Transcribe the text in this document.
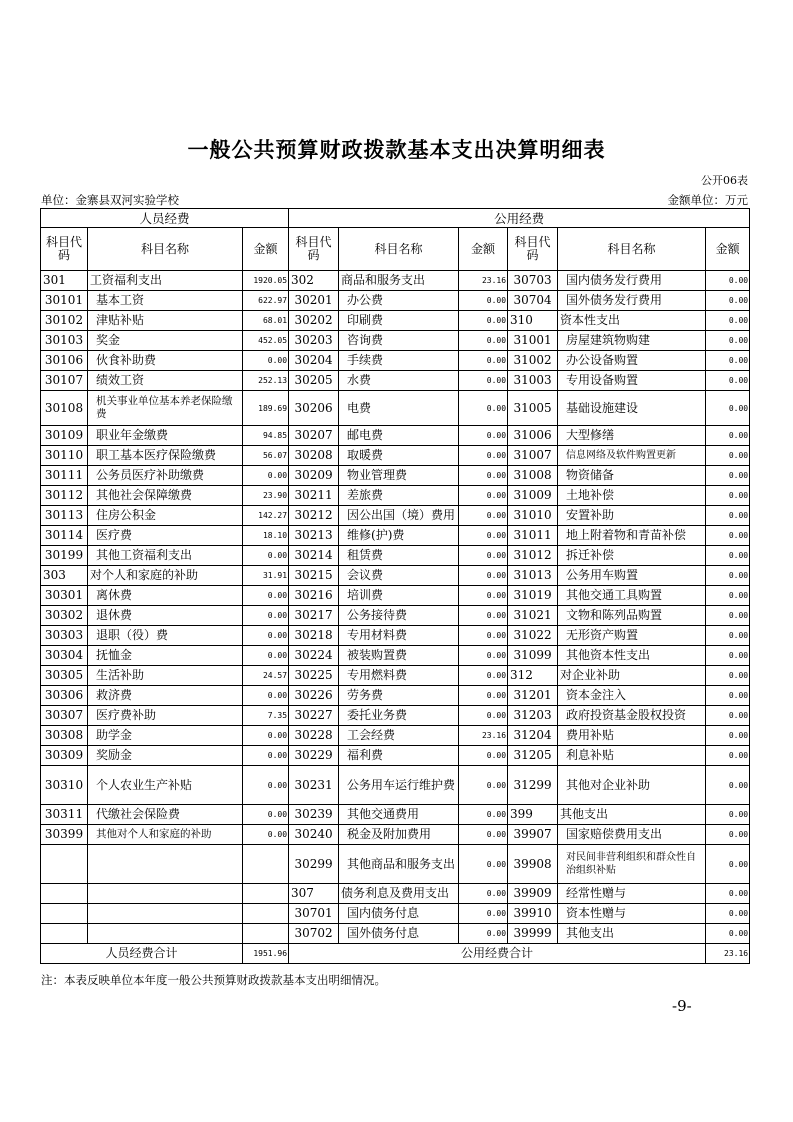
一般公共预算财政拨款基本支出决算明细表
公开06表
单位：金寨县双河实验学校	金额单位：万元
人员经费			公用经费					
科目代码	科目名称	金额	科目代码	科目名称	金额	科目代码	科目名称	金额
301	工资福利支出	1920.05	302	商品和服务支出	23.16	30703	国内债务发行费用	0.00
30101	基本工资	622.97	30201	办公费	0.00	30704	国外债务发行费用	0.00
30102	津贴补贴	68.01	30202	印刷费	0.00	310	资本性支出	0.00
30103	奖金	452.05	30203	咨询费	0.00	31001	房屋建筑物购建	0.00
30106	伙食补助费	0.00	30204	手续费	0.00	31002	办公设备购置	0.00
30107	绩效工资	252.13	30205	水费	0.00	31003	专用设备购置	0.00
30108	机关事业单位基本养老保险缴费	189.69	30206	电费	0.00	31005	基础设施建设	0.00
30109	职业年金缴费	94.85	30207	邮电费	0.00	31006	大型修缮	0.00
30110	职工基本医疗保险缴费	56.07	30208	取暖费	0.00	31007	信息网络及软件购置更新	0.00
30111	公务员医疗补助缴费	0.00	30209	物业管理费	0.00	31008	物资储备	0.00
30112	其他社会保障缴费	23.90	30211	差旅费	0.00	31009	土地补偿	0.00
30113	住房公积金	142.27	30212	因公出国（境）费用	0.00	31010	安置补助	0.00
30114	医疗费	18.10	30213	维修(护)费	0.00	31011	地上附着物和青苗补偿	0.00
30199	其他工资福利支出	0.00	30214	租赁费	0.00	31012	拆迁补偿	0.00
303	对个人和家庭的补助	31.91	30215	会议费	0.00	31013	公务用车购置	0.00
30301	离休费	0.00	30216	培训费	0.00	31019	其他交通工具购置	0.00
30302	退休费	0.00	30217	公务接待费	0.00	31021	文物和陈列品购置	0.00
30303	退职（役）费	0.00	30218	专用材料费	0.00	31022	无形资产购置	0.00
30304	抚恤金	0.00	30224	被装购置费	0.00	31099	其他资本性支出	0.00
30305	生活补助	24.57	30225	专用燃料费	0.00	312	对企业补助	0.00
30306	救济费	0.00	30226	劳务费	0.00	31201	资本金注入	0.00
30307	医疗费补助	7.35	30227	委托业务费	0.00	31203	政府投资基金股权投资	0.00
30308	助学金	0.00	30228	工会经费	23.16	31204	费用补贴	0.00
30309	奖励金	0.00	30229	福利费	0.00	31205	利息补贴	0.00
30310	个人农业生产补贴	0.00	30231	公务用车运行维护费	0.00	31299	其他对企业补助	0.00
30311	代缴社会保险费	0.00	30239	其他交通费用	0.00	399	其他支出	0.00
30399	其他对个人和家庭的补助	0.00	30240	税金及附加费用	0.00	39907	国家赔偿费用支出	0.00
			30299	其他商品和服务支出	0.00	39908	对民间非营利组织和群众性自治组织补贴	0.00
			307	债务利息及费用支出	0.00	39909	经常性赠与	0.00
			30701	国内债务付息	0.00	39910	资本性赠与	0.00
			30702	国外债务付息	0.00	39999	其他支出	0.00
人员经费合计		1951.96	公用经费合计					23.16
注：本表反映单位本年度一般公共预算财政拨款基本支出明细情况。
-9-
